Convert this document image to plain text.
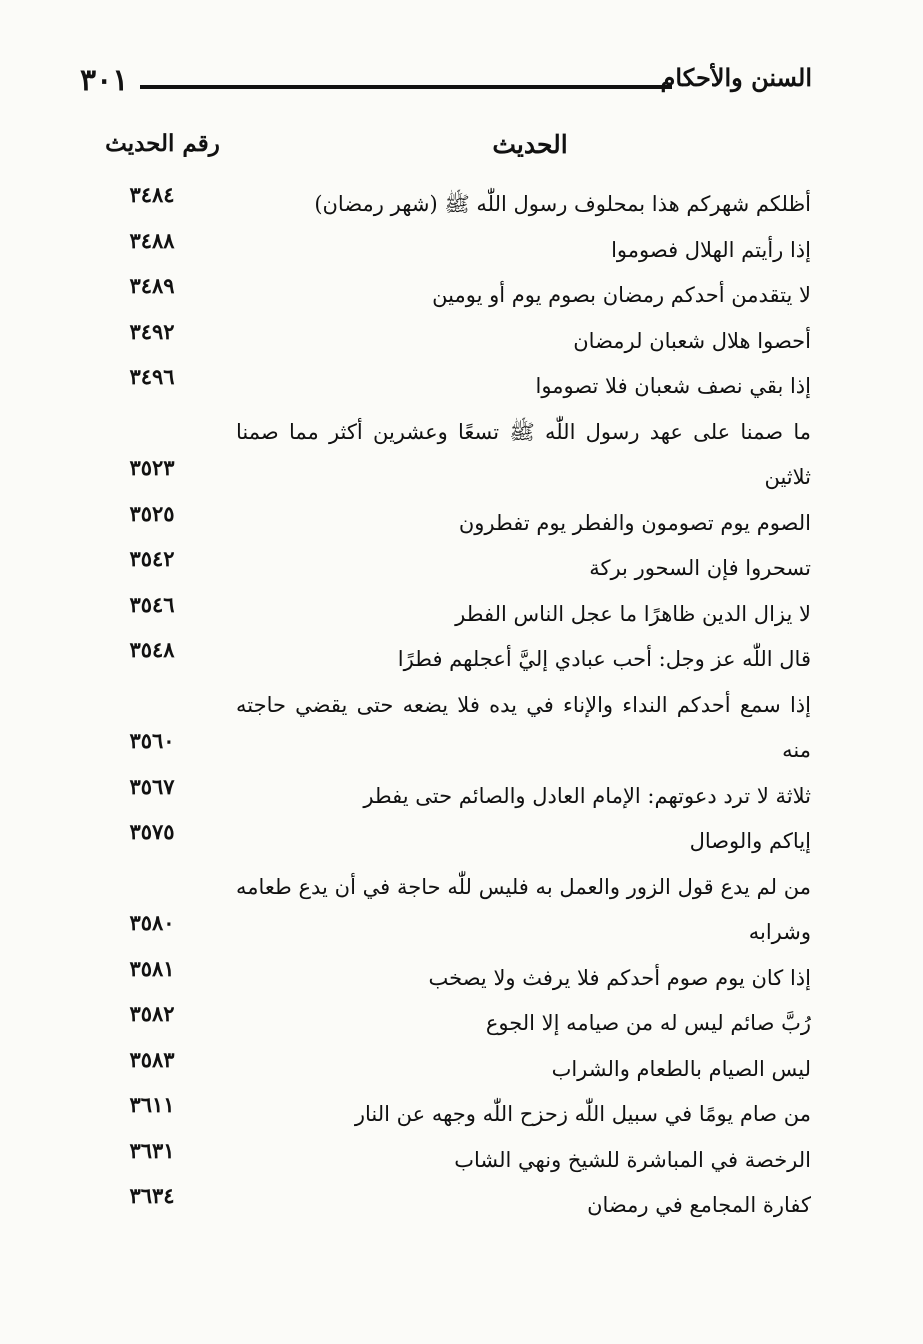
٣٠١	السنن والأحكام
الحديث
رقم الحديث
أظلكم شهركم هذا بمحلوف رسول اللّٰه ﷺ (شهر رمضان)
٣٤٨٤
إذا رأيتم الهلال فصوموا
٣٤٨٨
لا يتقدمن أحدكم رمضان بصوم يوم أو يومين
٣٤٨٩
أحصوا هلال شعبان لرمضان
٣٤٩٢
إذا بقي نصف شعبان فلا تصوموا
٣٤٩٦
ما صمنا على عهد رسول اللّٰه ﷺ تسعًا وعشرين أكثر مما صمنا ثلاثين
٣٥٢٣
الصوم يوم تصومون والفطر يوم تفطرون
٣٥٢٥
تسحروا فإن السحور بركة
٣٥٤٢
لا يزال الدين ظاهرًا ما عجل الناس الفطر
٣٥٤٦
قال اللّٰه عز وجل: أحب عبادي إليَّ أعجلهم فطرًا
٣٥٤٨
إذا سمع أحدكم النداء والإناء في يده فلا يضعه حتى يقضي حاجته منه
٣٥٦٠
ثلاثة لا ترد دعوتهم: الإمام العادل والصائم حتى يفطر
٣٥٦٧
إياكم والوصال
٣٥٧٥
من لم يدع قول الزور والعمل به فليس للّٰه حاجة في أن يدع طعامه وشرابه
٣٥٨٠
إذا كان يوم صوم أحدكم فلا يرفث ولا يصخب
٣٥٨١
رُبَّ صائم ليس له من صيامه إلا الجوع
٣٥٨٢
ليس الصيام بالطعام والشراب
٣٥٨٣
من صام يومًا في سبيل اللّٰه زحزح اللّٰه وجهه عن النار
٣٦١١
الرخصة في المباشرة للشيخ ونهي الشاب
٣٦٣١
كفارة المجامع في رمضان
٣٦٣٤
